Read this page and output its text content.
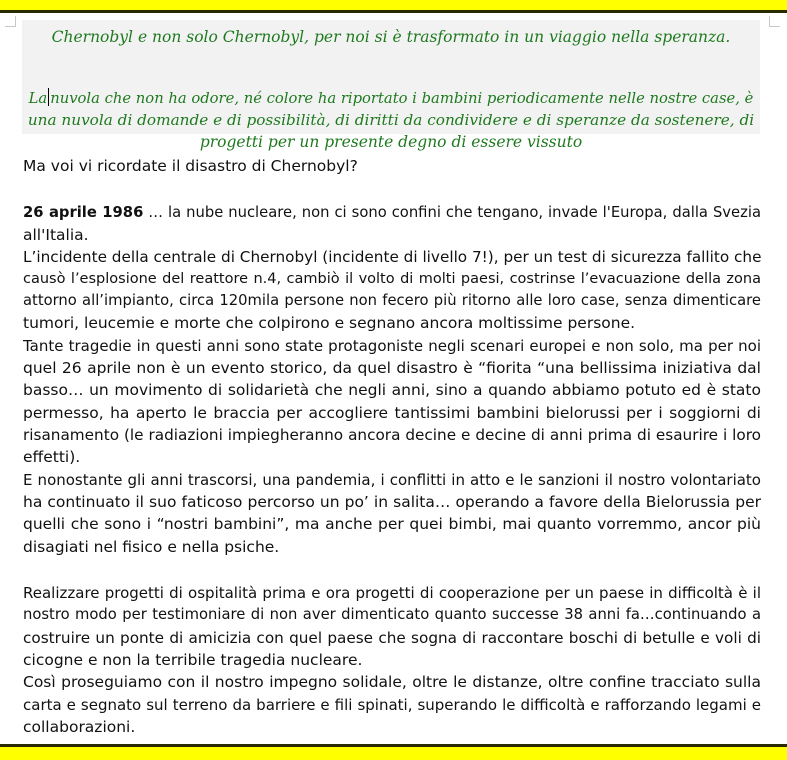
Chernobyl e non solo Chernobyl, per noi si è trasformato in un viaggio nella speranza.
La nuvola che non ha odore, né colore ha riportato i bambini periodicamente nelle nostre case, è
una nuvola di domande e di possibilità, di diritti da condividere e di speranze da sostenere, di
progetti per un presente degno di essere vissuto
Ma voi vi ricordate il disastro di Chernobyl?
26 aprile 1986 … la nube nucleare, non ci sono confini che tengano, invade l'Europa, dalla Svezia
all'Italia.
L’incidente della centrale di Chernobyl (incidente di livello 7!), per un test di sicurezza fallito che
causò l’esplosione del reattore n.4, cambiò il volto di molti paesi, costrinse l’evacuazione della zona
attorno all’impianto, circa 120mila persone non fecero più ritorno alle loro case, senza dimenticare
tumori, leucemie e morte che colpirono e segnano ancora moltissime persone.
Tante tragedie in questi anni sono state protagoniste negli scenari europei e non solo, ma per noi
quel 26 aprile non è un evento storico, da quel disastro è “fiorita “una bellissima iniziativa dal
basso… un movimento di solidarietà che negli anni, sino a quando abbiamo potuto ed è stato
permesso, ha aperto le braccia per accogliere tantissimi bambini bielorussi per i soggiorni di
risanamento (le radiazioni impiegheranno ancora decine e decine di anni prima di esaurire i loro
effetti).
E nonostante gli anni trascorsi, una pandemia, i conflitti in atto e le sanzioni il nostro volontariato
ha continuato il suo faticoso percorso un po’ in salita… operando a favore della Bielorussia per
quelli che sono i “nostri bambini”, ma anche per quei bimbi, mai quanto vorremmo, ancor più
disagiati nel fisico e nella psiche.
Realizzare progetti di ospitalità prima e ora progetti di cooperazione per un paese in difficoltà è il
nostro modo per testimoniare di non aver dimenticato quanto successe 38 anni fa…continuando a
costruire un ponte di amicizia con quel paese che sogna di raccontare boschi di betulle e voli di
cicogne e non la terribile tragedia nucleare.
Così proseguiamo con il nostro impegno solidale, oltre le distanze, oltre confine tracciato sulla
carta e segnato sul terreno da barriere e fili spinati, superando le difficoltà e rafforzando legami e
collaborazioni.
